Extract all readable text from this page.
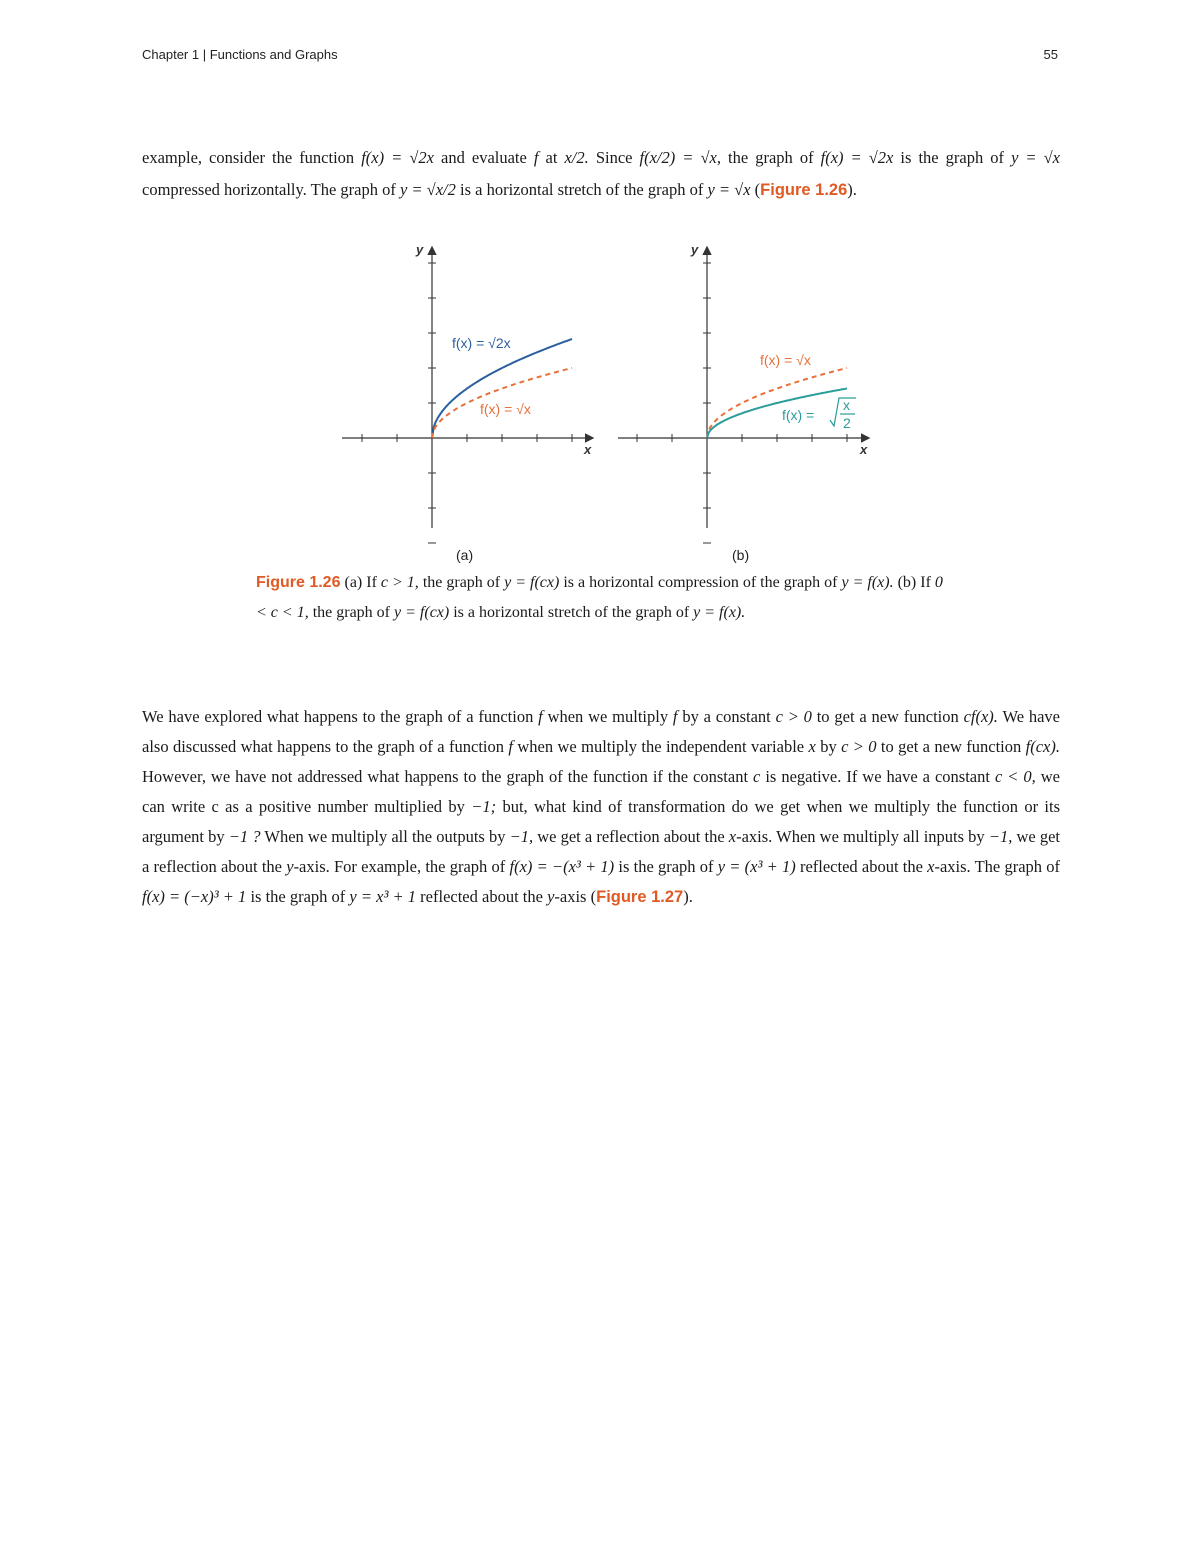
Chapter 1 | Functions and Graphs	55

example, consider the function f(x) = √2x and evaluate f at x/2. Since f(x/2) = √x, the graph of f(x) = √2x is the graph of y = √x compressed horizontally. The graph of y = √x/2 is a horizontal stretch of the graph of y = √x (Figure 1.26).

y
x
f(x) = √2x
f(x) = √x
(a)
y
x
f(x) = √x
f(x) =
x
2
(b)

Figure 1.26 (a) If c > 1, the graph of y = f(cx) is a horizontal compression of the graph of y = f(x). (b) If 0 < c < 1, the graph of y = f(cx) is a horizontal stretch of the graph of y = f(x).

We have explored what happens to the graph of a function f when we multiply f by a constant c > 0 to get a new function cf(x). We have also discussed what happens to the graph of a function f when we multiply the independent variable x by c > 0 to get a new function f(cx). However, we have not addressed what happens to the graph of the function if the constant c is negative. If we have a constant c < 0, we can write c as a positive number multiplied by −1; but, what kind of transformation do we get when we multiply the function or its argument by −1 ? When we multiply all the outputs by −1, we get a reflection about the x-axis. When we multiply all inputs by −1, we get a reflection about the y-axis. For example, the graph of f(x) = −(x³ + 1) is the graph of y = (x³ + 1) reflected about the x-axis. The graph of f(x) = (−x)³ + 1 is the graph of y = x³ + 1 reflected about the y-axis (Figure 1.27).
